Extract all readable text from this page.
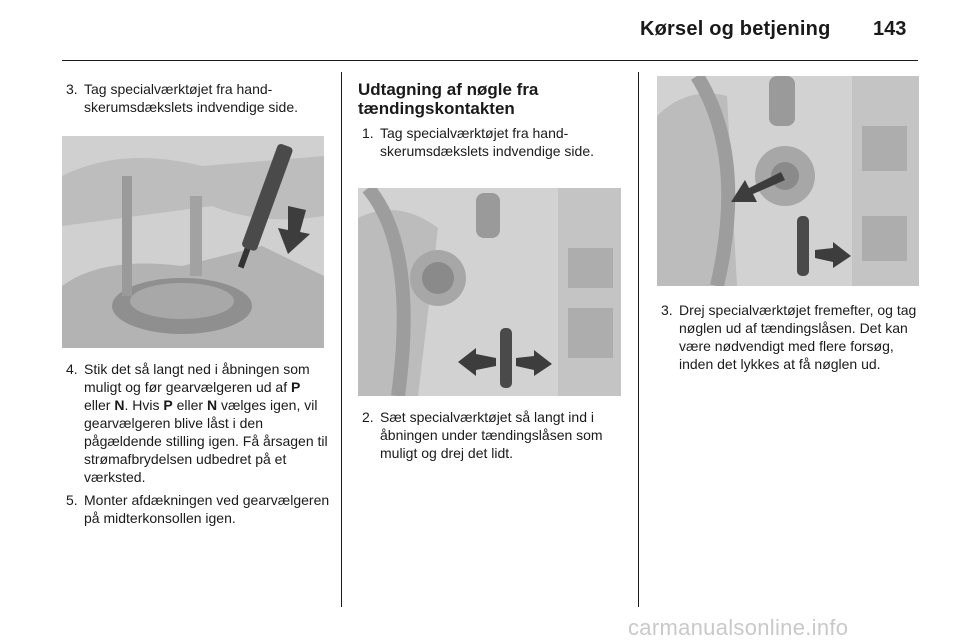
Kørsel og betjening 143
3. Tag specialværktøjet fra handskerumsdækslets indvendige side.

4. Stik det så langt ned i åbningen som muligt og før gearvælgeren ud af P eller N. Hvis P eller N vælges igen, vil gearvælgeren blive låst i den pågældende stilling igen. Få årsagen til strømafbrydelsen udbedret på et værksted.

5. Monter afdækningen ved gearvælgeren på midterkonsollen igen.

Udtagning af nøgle fra tændingskontakten
1. Tag specialværktøjet fra handskerumsdækslets indvendige side.

2. Sæt specialværktøjet så langt ind i åbningen under tændingslåsen som muligt og drej det lidt.

3. Drej specialværktøjet fremefter, og tag nøglen ud af tændingslåsen. Det kan være nødvendigt med flere forsøg, inden det lykkes at få nøglen ud.

carmanualsonline.info
